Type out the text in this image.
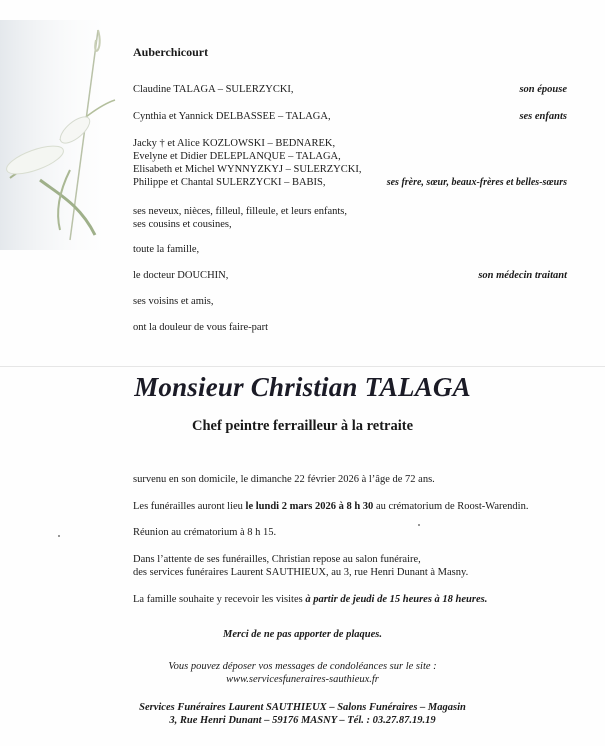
Auberchicourt
Claudine TALAGA – SULERZYCKI,	son épouse
Cynthia et Yannick DELBASSEE – TALAGA,	ses enfants
Jacky † et Alice KOZLOWSKI – BEDNAREK,
Evelyne et Didier DELEPLANQUE – TALAGA,
Elisabeth et Michel WYNNYZKYJ – SULERZYCKI,
Philippe et Chantal SULERZYCKI – BABIS,	ses frère, sœur, beaux-frères et belles-sœurs
ses neveux, nièces, filleul, filleule, et leurs enfants,
ses cousins et cousines,
toute la famille,
le docteur DOUCHIN,	son médecin traitant
ses voisins et amis,
ont la douleur de vous faire-part
Monsieur Christian TALAGA
Chef peintre ferrailleur à la retraite
survenu en son domicile, le dimanche 22 février 2026 à l’âge de 72 ans.
Les funérailles auront lieu le lundi 2 mars 2026 à 8 h 30 au crématorium de Roost-Warendin.
Réunion au crématorium à 8 h 15.
Dans l’attente de ses funérailles, Christian repose au salon funéraire,
des services funéraires Laurent SAUTHIEUX, au 3, rue Henri Dunant à Masny.
La famille souhaite y recevoir les visites à partir de jeudi de 15 heures à 18 heures.
Merci de ne pas apporter de plaques.
Vous pouvez déposer vos messages de condoléances sur le site :
www.servicesfuneraires-sauthieux.fr
Services Funéraires Laurent SAUTHIEUX – Salons Funéraires – Magasin
3, Rue Henri Dunant – 59176 MASNY – Tél. : 03.27.87.19.19
